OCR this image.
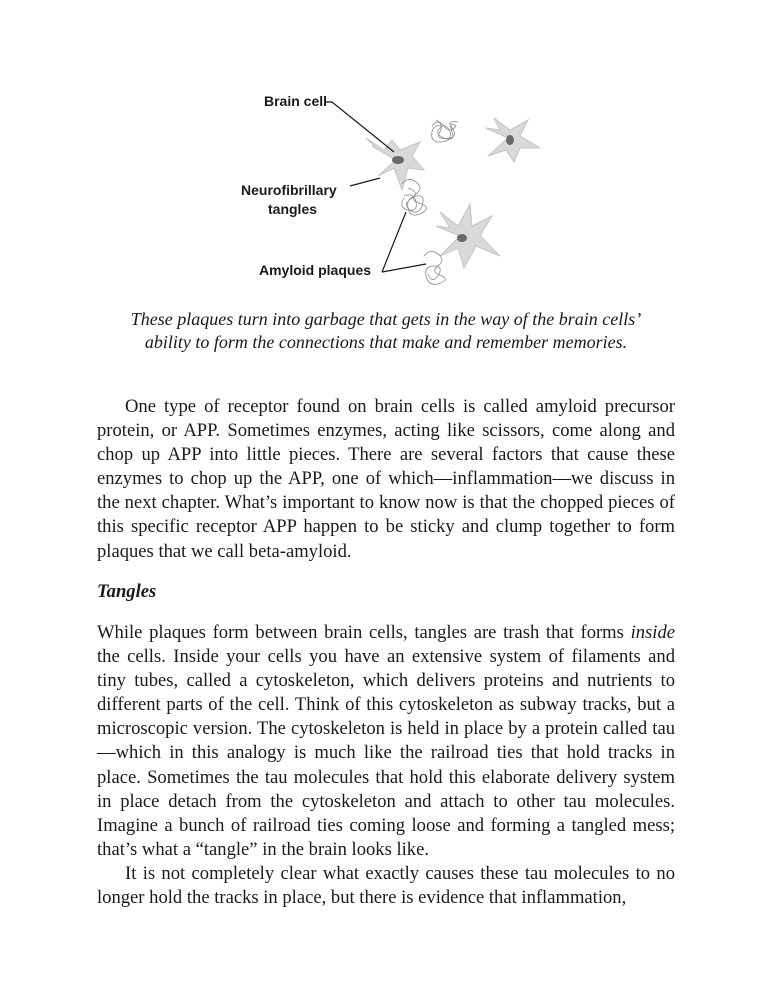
Brain cell
Neurofibrillary
tangles
Amyloid plaques
These plaques turn into garbage that gets in the way of the brain cells’ ability to form the connections that make and remember memories.

One type of receptor found on brain cells is called amyloid precursor protein, or APP. Sometimes enzymes, acting like scissors, come along and chop up APP into little pieces. There are several factors that cause these enzymes to chop up the APP, one of which—inflammation—we discuss in the next chapter. What’s important to know now is that the chopped pieces of this specific receptor APP happen to be sticky and clump together to form plaques that we call beta-amyloid.

Tangles

While plaques form between brain cells, tangles are trash that forms inside the cells. Inside your cells you have an extensive system of filaments and tiny tubes, called a cytoskeleton, which delivers proteins and nutrients to different parts of the cell. Think of this cytoskeleton as subway tracks, but a microscopic version. The cytoskeleton is held in place by a protein called tau—which in this analogy is much like the railroad ties that hold tracks in place. Sometimes the tau molecules that hold this elaborate delivery system in place detach from the cytoskeleton and attach to other tau molecules. Imagine a bunch of railroad ties coming loose and forming a tangled mess; that’s what a “tangle” in the brain looks like.

It is not completely clear what exactly causes these tau molecules to no longer hold the tracks in place, but there is evidence that inflammation,
